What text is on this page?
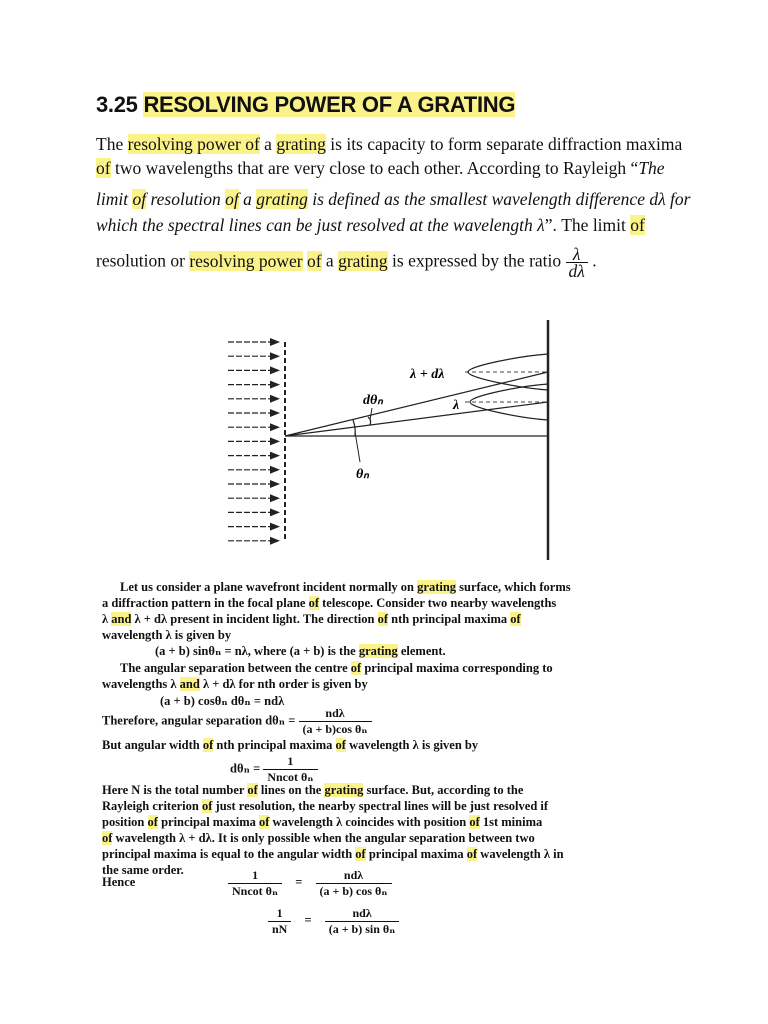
3.25 RESOLVING POWER OF A GRATING
The resolving power of a grating is its capacity to form separate diffraction maxima
of two wavelengths that are very close to each other. According to Rayleigh “The
limit of resolution of a grating is defined as the smallest wavelength difference dλ for
which the spectral lines can be just resolved at the wavelength λ”. The limit of
resolution or resolving power of a grating is expressed by the ratio $\frac{\lambda}{d\lambda}$ .
λ + dλ
λ
dθₙ
θₙ
Let us consider a plane wavefront incident normally on grating surface, which forms
a diffraction pattern in the focal plane of telescope. Consider two nearby wavelengths
λ and λ + dλ present in incident light. The direction of nth principal maxima of
wavelength λ is given by
(a + b) sinθₙ = nλ, where (a + b) is the grating element.
The angular separation between the centre of principal maxima corresponding to
wavelengths λ and λ + dλ for nth order is given by
(a + b) cosθₙ dθₙ = ndλ
Therefore, angular separation $d\theta_n = \frac{\text{ndλ}}{\text{(a + b)cos θₙ}}$
But angular width of nth principal maxima of wavelength λ is given by
$d\theta_n = \frac{1}{\text{Nncot θₙ}}$
Here N is the total number of lines on the grating surface. But, according to the
Rayleigh criterion of just resolution, the nearby spectral lines will be just resolved if
position of principal maxima of wavelength λ coincides with position of 1st minima
of wavelength λ + dλ. It is only possible when the angular separation between two
principal maxima is equal to the angular width of principal maxima of wavelength λ in
the same order.
Hence	$\frac{1}{\text{Nncot θₙ}} = \frac{\text{ndλ}}{\text{(a + b) cos θₙ}}$
$\frac{1}{nN} = \frac{\text{ndλ}}{\text{(a + b) sin θₙ}}$
